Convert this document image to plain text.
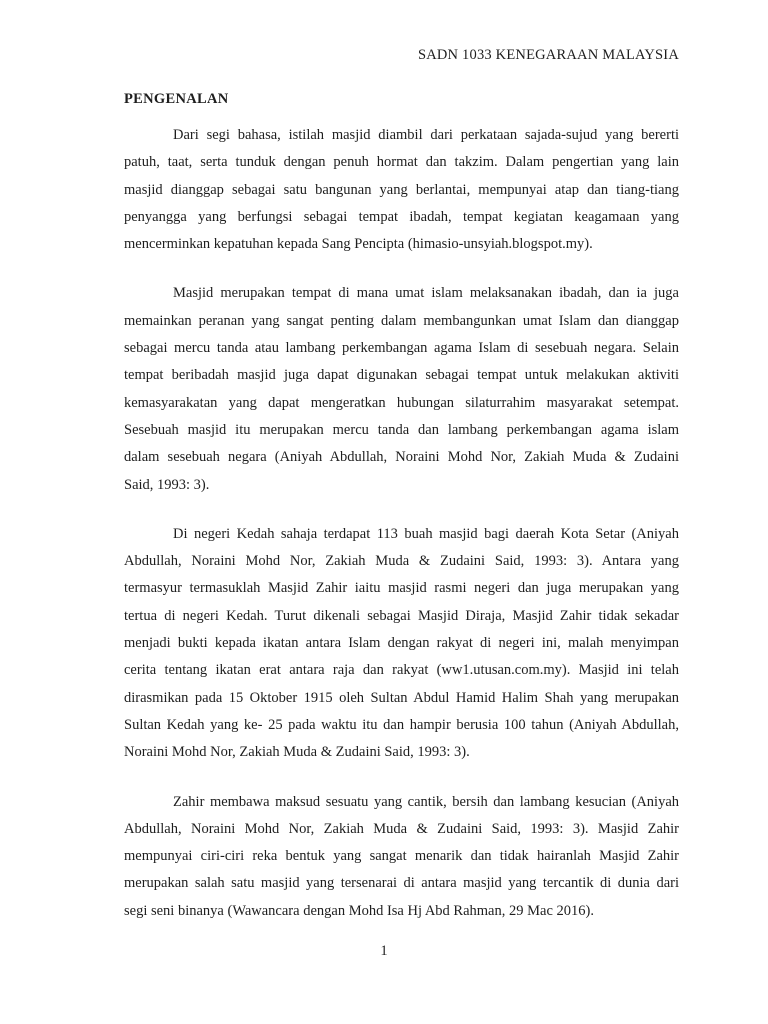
SADN 1033 KENEGARAAN MALAYSIA
PENGENALAN
Dari segi bahasa, istilah masjid diambil dari perkataan sajada-sujud yang bererti
patuh, taat, serta tunduk dengan penuh hormat dan takzim. Dalam pengertian yang lain
masjid dianggap sebagai satu bangunan yang berlantai, mempunyai atap dan tiang-tiang
penyangga yang berfungsi sebagai tempat ibadah, tempat kegiatan keagamaan yang
mencerminkan kepatuhan kepada Sang Pencipta (himasio-unsyiah.blogspot.my).
Masjid merupakan tempat di mana umat islam melaksanakan ibadah, dan ia juga
memainkan peranan yang sangat penting dalam membangunkan umat Islam dan dianggap
sebagai mercu tanda atau lambang perkembangan agama Islam di sesebuah negara. Selain
tempat beribadah masjid juga dapat digunakan sebagai tempat untuk melakukan aktiviti
kemasyarakatan yang dapat mengeratkan hubungan silaturrahim masyarakat setempat.
Sesebuah masjid itu merupakan mercu tanda dan lambang perkembangan agama islam
dalam sesebuah negara (Aniyah Abdullah, Noraini Mohd Nor, Zakiah Muda & Zudaini
Said, 1993: 3).
Di negeri Kedah sahaja terdapat 113 buah masjid bagi daerah Kota Setar (Aniyah
Abdullah, Noraini Mohd Nor, Zakiah Muda & Zudaini Said, 1993: 3). Antara yang
termasyur termasuklah Masjid Zahir iaitu masjid rasmi negeri dan juga merupakan yang
tertua di negeri Kedah. Turut dikenali sebagai Masjid Diraja, Masjid Zahir tidak sekadar
menjadi bukti kepada ikatan antara Islam dengan rakyat di negeri ini, malah menyimpan
cerita tentang ikatan erat antara raja dan rakyat (ww1.utusan.com.my). Masjid ini telah
dirasmikan pada 15 Oktober 1915 oleh Sultan Abdul Hamid Halim Shah yang merupakan
Sultan Kedah yang ke- 25 pada waktu itu dan hampir berusia 100 tahun (Aniyah Abdullah,
Noraini Mohd Nor, Zakiah Muda & Zudaini Said, 1993: 3).
Zahir membawa maksud sesuatu yang cantik, bersih dan lambang kesucian (Aniyah
Abdullah, Noraini Mohd Nor, Zakiah Muda & Zudaini Said, 1993: 3). Masjid Zahir
mempunyai ciri-ciri reka bentuk yang sangat menarik dan tidak hairanlah Masjid Zahir
merupakan salah satu masjid yang tersenarai di antara masjid yang tercantik di dunia dari
segi seni binanya (Wawancara dengan Mohd Isa Hj Abd Rahman, 29 Mac 2016).
1
